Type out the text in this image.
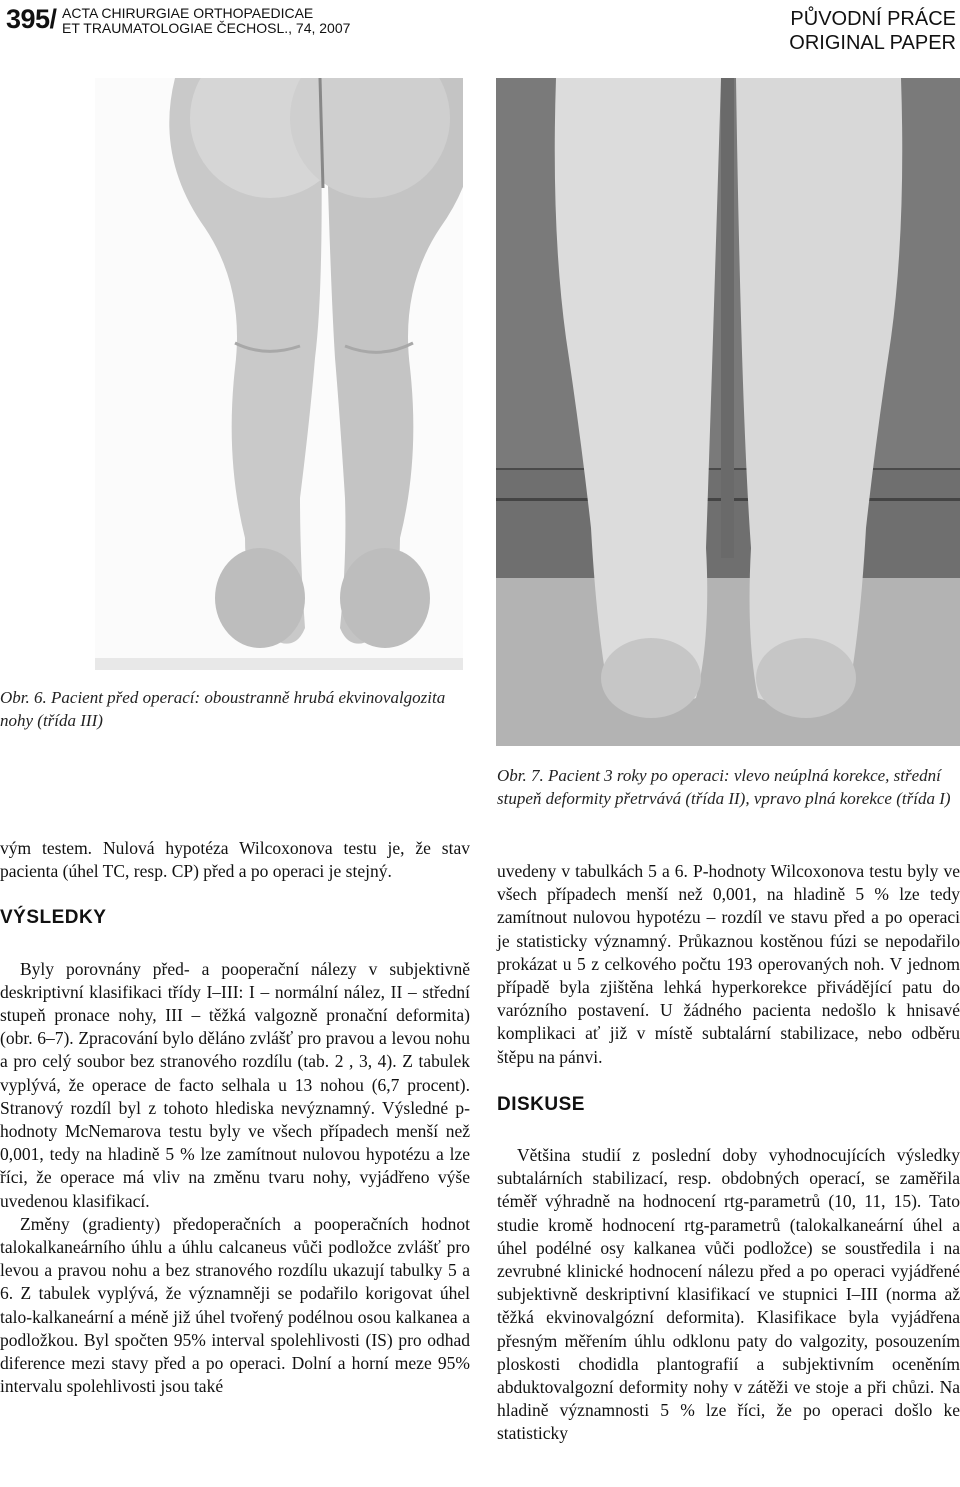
395/ ACTA CHIRURGIAE ORTHOPAEDICAE
ET TRAUMATOLOGIAE ČECHOSL., 74, 2007	PŮVODNÍ PRÁCE
ORIGINAL PAPER
Obr. 6. Pacient před operací: oboustranně hrubá ekvinovalgozita nohy (třída III)
Obr. 7. Pacient 3 roky po operaci: vlevo neúplná korekce, střední stupeň deformity přetrvává (třída II), vpravo plná korekce (třída I)

vým testem. Nulová hypotéza Wilcoxonova testu je, že stav pacienta (úhel TC, resp. CP) před a po operaci je stejný.

VÝSLEDKY

Byly porovnány před- a pooperační nálezy v subjektivně deskriptivní klasifikaci třídy I–III: I – normální nález, II – střední stupeň pronace nohy, III – těžká valgozně pronační deformita) (obr. 6–7). Zpracování bylo děláno zvlášť pro pravou a levou nohu a pro celý soubor bez stranového rozdílu (tab. 2 , 3, 4). Z tabulek vyplývá, že operace de facto selhala u 13 nohou (6,7 procent). Stranový rozdíl byl z tohoto hlediska nevýznamný. Výsledné p-hodnoty McNemarova testu byly ve všech případech menší než 0,001, tedy na hladině 5 % lze zamítnout nulovou hypotézu a lze říci, že operace má vliv na změnu tvaru nohy, vyjádřeno výše uvedenou klasifikací.

Změny (gradienty) předoperačních a pooperačních hodnot talokalkaneárního úhlu a úhlu calcaneus vůči podložce zvlášť pro levou a pravou nohu a bez stranového rozdílu ukazují tabulky 5 a 6. Z tabulek vyplývá, že významněji se podařilo korigovat úhel talo-kalkaneární a méně již úhel tvořený podélnou osou kalkanea a podložkou. Byl spočten 95% interval spolehlivosti (IS) pro odhad diference mezi stavy před a po operaci. Dolní a horní meze 95% intervalu spolehlivosti jsou také

uvedeny v tabulkách 5 a 6. P-hodnoty Wilcoxonova testu byly ve všech případech menší než 0,001, na hladině 5 % lze tedy zamítnout nulovou hypotézu – rozdíl ve stavu před a po operaci je statisticky významný. Průkaznou kostěnou fúzi se nepodařilo prokázat u 5 z celkového počtu 193 operovaných noh. V jednom případě byla zjištěna lehká hyperkorekce přivádějící patu do varózního postavení. U žádného pacienta nedošlo k hnisavé komplikaci ať již v místě subtalární stabilizace, nebo odběru štěpu na pánvi.

DISKUSE

Většina studií z poslední doby vyhodnocujících výsledky subtalárních stabilizací, resp. obdobných operací, se zaměřila téměř výhradně na hodnocení rtg-parametrů (10, 11, 15). Tato studie kromě hodnocení rtg-parametrů (talokalkaneární úhel a úhel podélné osy kalkanea vůči podložce) se soustředila i na zevrubné klinické hodnocení nálezu před a po operaci vyjádřené subjektivně deskriptivní klasifikací ve stupnici I–III (norma až těžká ekvinovalgózní deformita). Klasifikace byla vyjádřena přesným měřením úhlu odklonu paty do valgozity, posouzením ploskosti chodidla plantografií a subjektivním oceněním abduktovalgozní deformity nohy v zátěži ve stoje a při chůzi. Na hladině významnosti 5 % lze říci, že po operaci došlo ke statisticky
